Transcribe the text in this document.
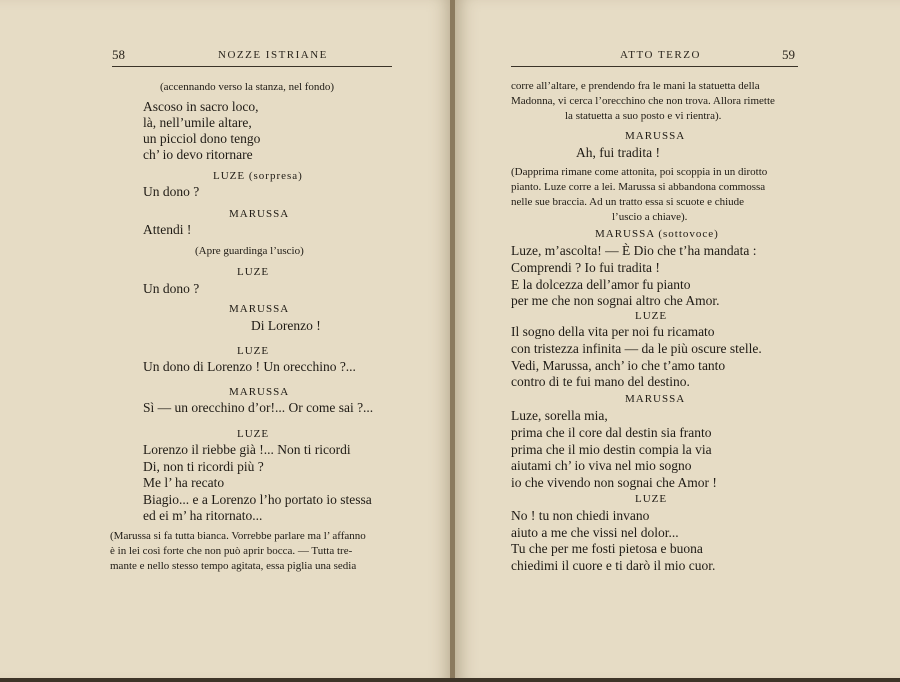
58	NOZZE ISTRIANE
(accennando verso la stanza, nel fondo)
Ascoso in sacro loco,
là, nell’umile altare,
un picciol dono tengo
ch’ io devo ritornare
LUZE (sorpresa)
Un dono ?
MARUSSA
Attendi !
(Apre guardinga l’uscio)
LUZE
Un dono ?
MARUSSA
Di Lorenzo !
LUZE
Un dono di Lorenzo ! Un orecchino ?...
MARUSSA
Sì — un orecchino d’or!... Or come sai ?...
LUZE
Lorenzo il riebbe già !... Non ti ricordi
Di, non ti ricordi più ?
Me l’ ha recato
Biagio... e a Lorenzo l’ho portato io stessa
ed ei m’ ha ritornato...
(Marussa si fa tutta bianca. Vorrebbe parlare ma l’ affanno
è in lei così forte che non può aprir bocca. — Tutta tre-
mante e nello stesso tempo agitata, essa piglia una sedia
ATTO TERZO	59
corre all’altare, e prendendo fra le mani la statuetta della
Madonna, vi cerca l’orecchino che non trova. Allora rimette
la statuetta a suo posto e vi rientra).
MARUSSA
Ah, fui tradita !
(Dapprima rimane come attonita, poi scoppia in un dirotto
pianto. Luze corre a lei. Marussa si abbandona commossa
nelle sue braccia. Ad un tratto essa si scuote e chiude
l’uscio a chiave).
MARUSSA (sottovoce)
Luze, m’ascolta! — È Dio che t’ha mandata :
Comprendi ? Io fui tradita !
E la dolcezza dell’amor fu pianto
per me che non sognai altro che Amor.
LUZE
Il sogno della vita per noi fu ricamato
con tristezza infinita — da le più oscure stelle.
Vedi, Marussa, anch’ io che t’amo tanto
contro di te fui mano del destino.
MARUSSA
Luze, sorella mia,
prima che il core dal destin sia franto
prima che il mio destin compia la via
aiutami ch’ io viva nel mio sogno
io che vivendo non sognai che Amor !
LUZE
No ! tu non chiedi invano
aiuto a me che vissi nel dolor...
Tu che per me fosti pietosa e buona
chiedimi il cuore e ti darò il mio cuor.
